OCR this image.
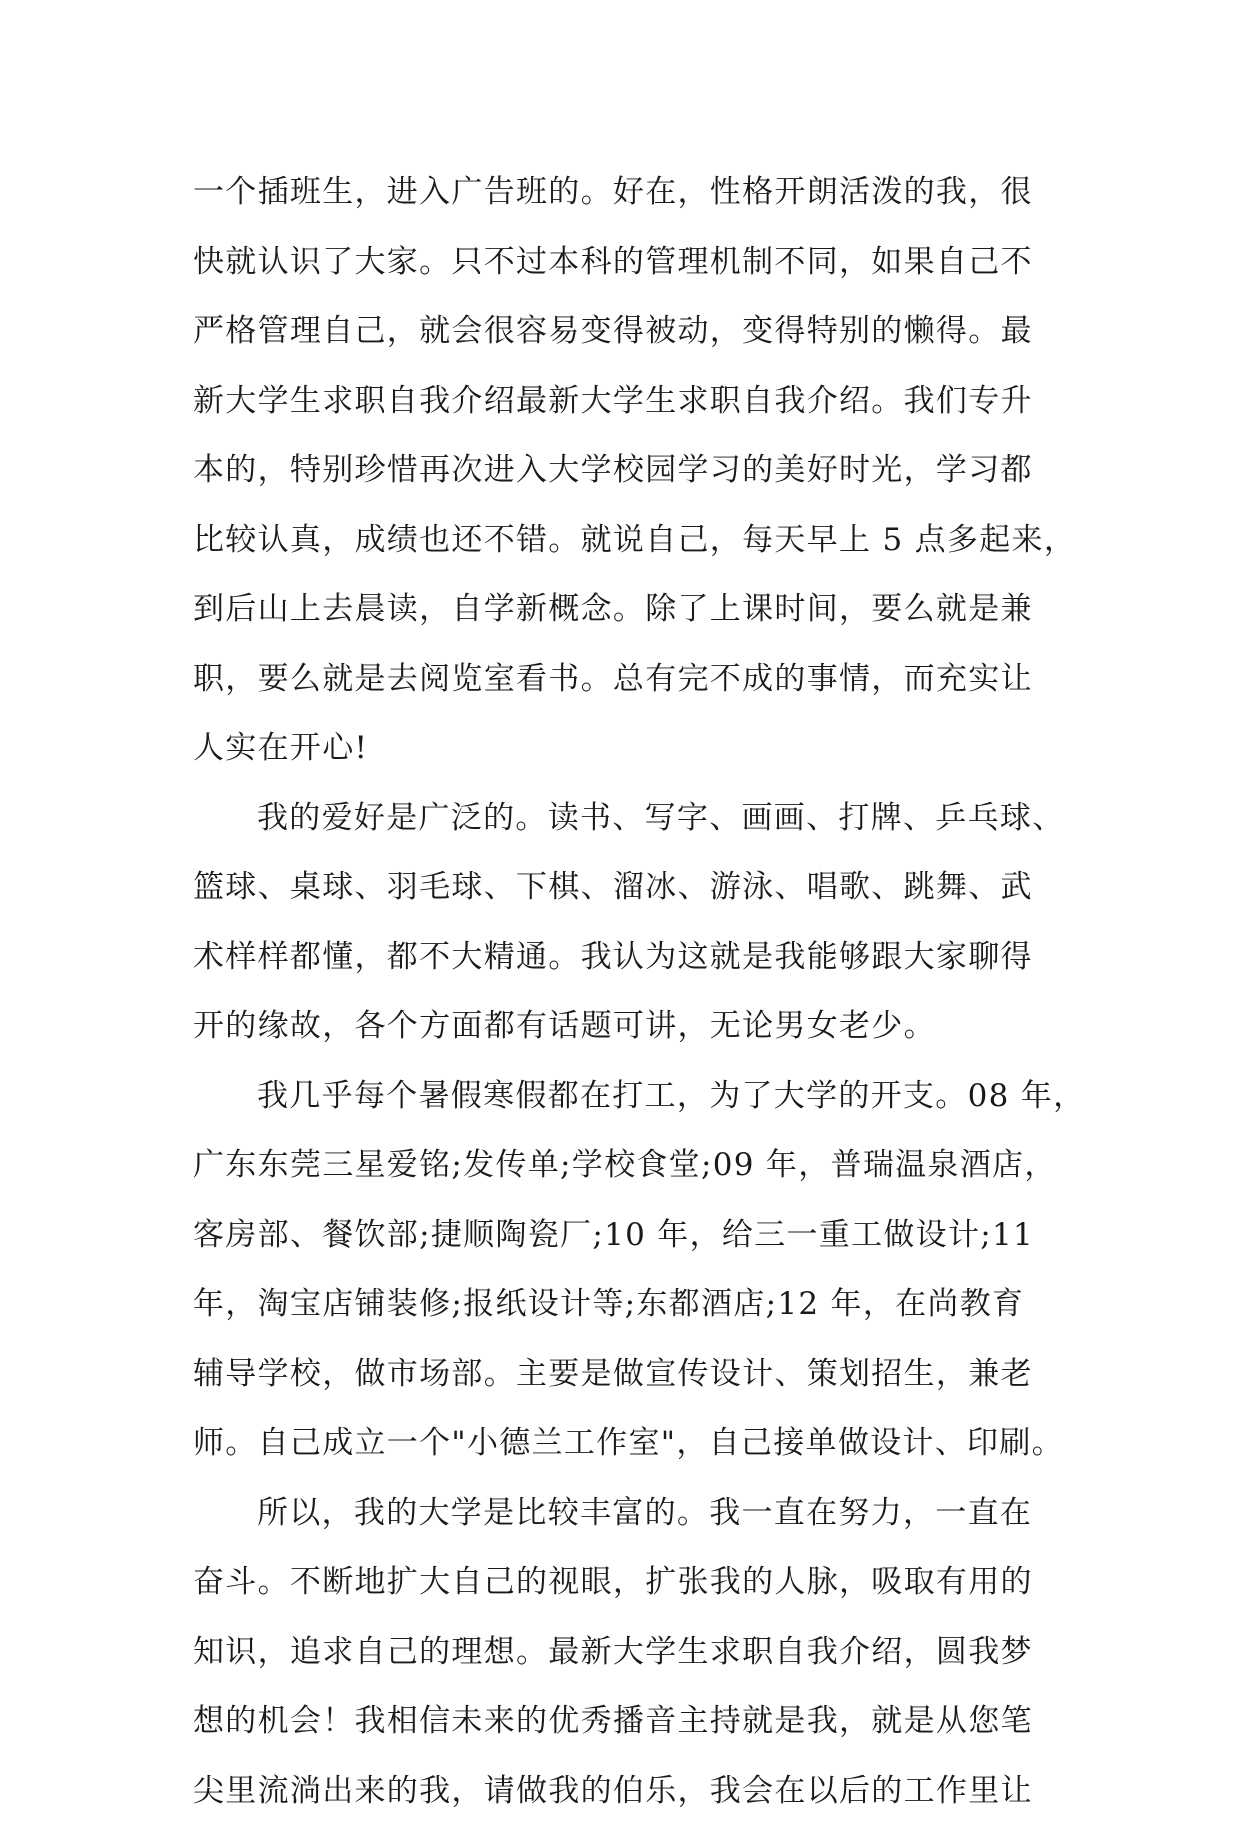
一个插班生，进入广告班的。好在，性格开朗活泼的我，很
快就认识了大家。只不过本科的管理机制不同，如果自己不
严格管理自己，就会很容易变得被动，变得特别的懒得。最
新大学生求职自我介绍最新大学生求职自我介绍。我们专升
本的，特别珍惜再次进入大学校园学习的美好时光，学习都
比较认真，成绩也还不错。就说自己，每天早上 5 点多起来，
到后山上去晨读，自学新概念。除了上课时间，要么就是兼
职，要么就是去阅览室看书。总有完不成的事情，而充实让
人实在开心!
我的爱好是广泛的。读书、写字、画画、打牌、乒乓球、
篮球、桌球、羽毛球、下棋、溜冰、游泳、唱歌、跳舞、武
术样样都懂，都不大精通。我认为这就是我能够跟大家聊得
开的缘故，各个方面都有话题可讲，无论男女老少。
我几乎每个暑假寒假都在打工，为了大学的开支。08 年，
广东东莞三星爱铭;发传单;学校食堂;09 年，普瑞温泉酒店，
客房部、餐饮部;捷顺陶瓷厂;10 年，给三一重工做设计;11
年，淘宝店铺装修;报纸设计等;东都酒店;12 年，在尚教育
辅导学校，做市场部。主要是做宣传设计、策划招生，兼老
师。自己成立一个"小德兰工作室"，自己接单做设计、印刷。
所以，我的大学是比较丰富的。我一直在努力，一直在
奋斗。不断地扩大自己的视眼，扩张我的人脉，吸取有用的
知识，追求自己的理想。最新大学生求职自我介绍，圆我梦
想的机会！我相信未来的优秀播音主持就是我，就是从您笔
尖里流淌出来的我，请做我的伯乐，我会在以后的工作里让
